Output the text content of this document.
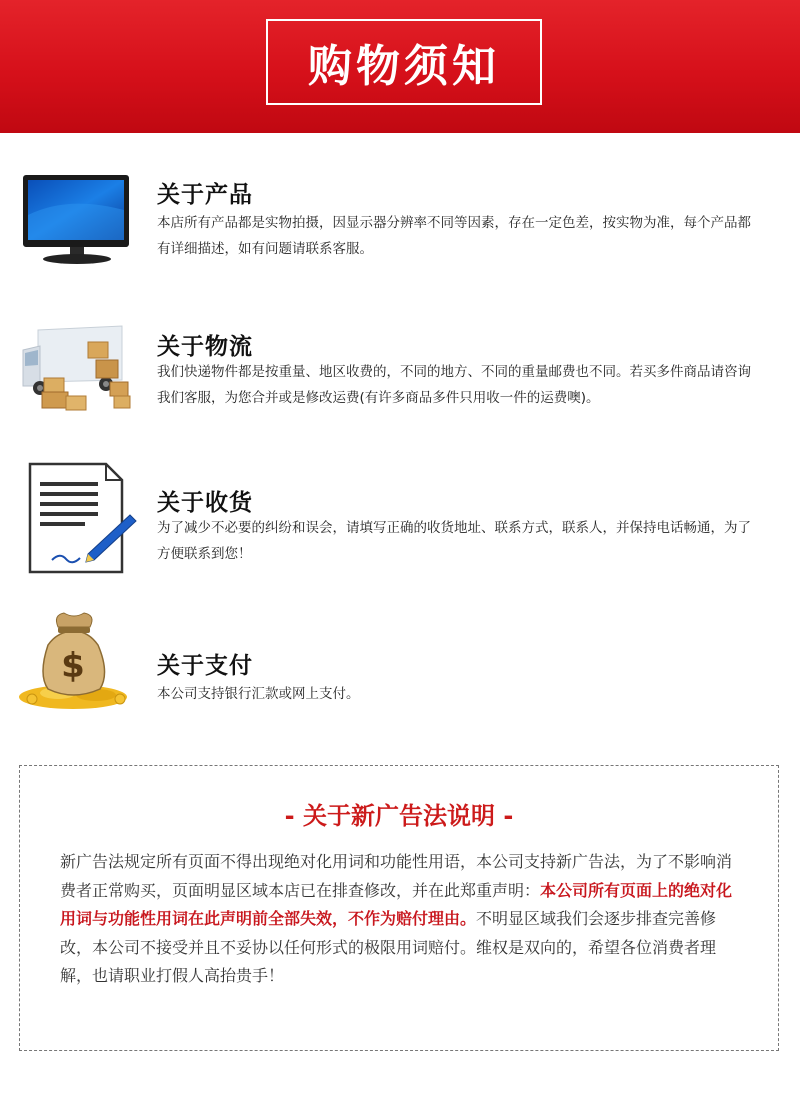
购物须知
关于产品
本店所有产品都是实物拍摄，因显示器分辨率不同等因素，存在一定色差，按实物为准，每个产品都有详细描述，如有问题请联系客服。
关于物流
我们快递物件都是按重量、地区收费的，不同的地方、不同的重量邮费也不同。若买多件商品请咨询我们客服，为您合并或是修改运费(有许多商品多件只用收一件的运费噢)。
关于收货
为了减少不必要的纠纷和误会，请填写正确的收货地址、联系方式，联系人，并保持电话畅通，为了方便联系到您！
$	关于支付
本公司支持银行汇款或网上支付。
- 关于新广告法说明 -
新广告法规定所有页面不得出现绝对化用词和功能性用语，本公司支持新广告法，为了不影响消费者正常购买，页面明显区域本店已在排查修改，并在此郑重声明：本公司所有页面上的绝对化用词与功能性用词在此声明前全部失效，不作为赔付理由。不明显区域我们会逐步排查完善修改，本公司不接受并且不妥协以任何形式的极限用词赔付。维权是双向的，希望各位消费者理解，也请职业打假人高抬贵手！
